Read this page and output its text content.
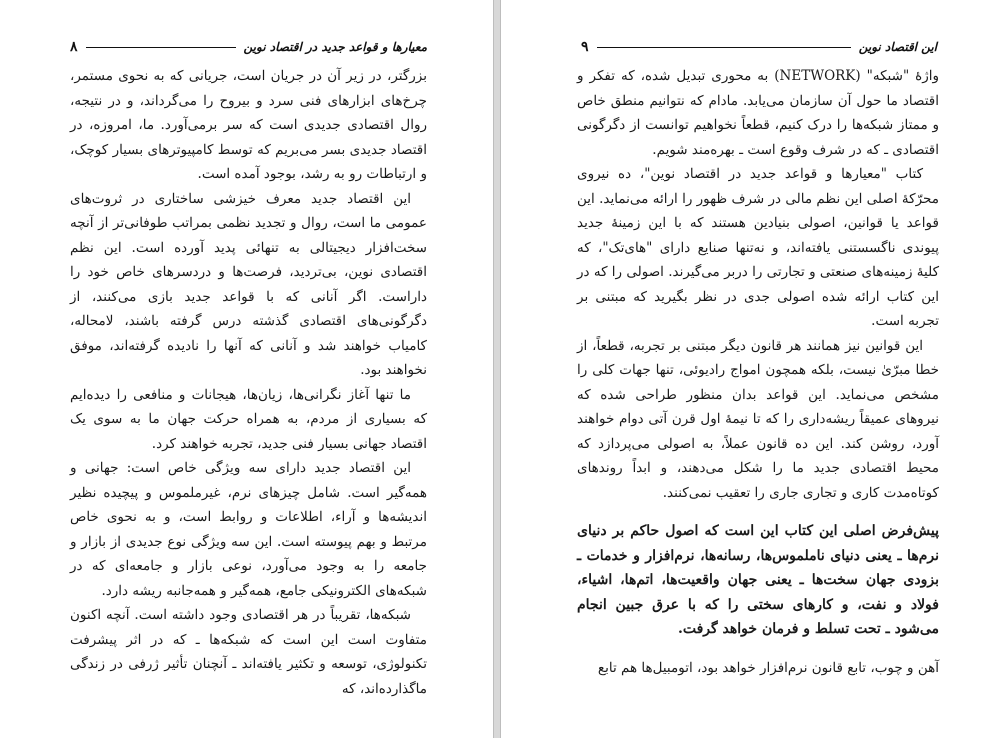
معیارها و قواعد جدید در اقتصاد نوین
۸

بزرگتر، در زیر آن در جریان است، جریانی که به نحوی مستمر، چرخ‌های ابزارهای فنی سرد و بیروح را می‌گرداند، و در نتیجه، روال اقتصادی جدیدی است که سر برمی‌آورد. ما، امروزه، در اقتصاد جدیدی بسر می‌بریم که توسط کامپیوترهای بسیار کوچک، و ارتباطات رو به رشد، بوجود آمده است.

این اقتصاد جدید معرف خیزشی ساختاری در ثروت‌های عمومی ما است، روال و تجدید نظمی بمراتب طوفانی‌تر از آنچه سخت‌افزار دیجیتالی به تنهائی پدید آورده است. این نظم اقتصادی نوین، بی‌تردید، فرصت‌ها و دردسرهای خاص خود را داراست. اگر آنانی که با قواعد جدید بازی می‌کنند، از دگرگونی‌های اقتصادی گذشته درس گرفته باشند، لامحاله، کامیاب خواهند شد و آنانی که آنها را نادیده گرفته‌اند، موفق نخواهند بود.

ما تنها آغاز نگرانی‌ها، زیان‌ها، هیجانات و منافعی را دیده‌ایم که بسیاری از مردم، به همراه حرکت جهان ما به سوی یک اقتصاد جهانی بسیار فنی جدید، تجربه خواهند کرد.

این اقتصاد جدید دارای سه ویژگی خاص است: جهانی و همه‌گیر است. شامل چیزهای نرم، غیرملموس و پیچیده نظیر اندیشه‌ها و آراء، اطلاعات و روابط است، و به نحوی خاص مرتبط و بهم پیوسته است. این سه ویژگی نوع جدیدی از بازار و جامعه را به وجود می‌آورد، نوعی بازار و جامعه‌ای که در شبکه‌های الکترونیکی جامع، همه‌گیر و همه‌جانبه ریشه دارد.

شبکه‌ها، تقریباً در هر اقتصادی وجود داشته است. آنچه اکنون متفاوت است این است که شبکه‌ها ـ که در اثر پیشرفت تکنولوژی، توسعه و تکثیر یافته‌اند ـ آنچنان تأثیر ژرفی در زندگی ماگذارده‌اند، که

این اقتصاد نوین
۹

واژهٔ "شبکه" (NETWORK) به محوری تبدیل شده، که تفکر و اقتصاد ما حول آن سازمان می‌یابد. مادام که نتوانیم منطق خاص و ممتاز شبکه‌ها را درک کنیم، قطعاً نخواهیم توانست از دگرگونی اقتصادی ـ که در شرف وقوع است ـ بهره‌مند شویم.

کتاب "معیارها و قواعد جدید در اقتصاد نوین"، ده نیروی محرّکهٔ اصلی این نظم مالی در شرف ظهور را ارائه می‌نماید. این قواعد یا قوانین، اصولی بنیادین هستند که با این زمینهٔ جدید پیوندی ناگسستنی یافته‌اند، و نه‌تنها صنایع دارای "های‌تک"، که کلیهٔ زمینه‌های صنعتی و تجارتی را دربر می‌گیرند. اصولی را که در این کتاب ارائه شده اصولی جدی در نظر بگیرید که مبتنی بر تجربه است.

این قوانین نیز همانند هر قانون دیگر مبتنی بر تجربه، قطعاً، از خطا مبرّیٰ نیست، بلکه همچون امواج رادیوئی، تنها جهات کلی را مشخص می‌نماید. این قواعد بدان منظور طراحی شده که نیروهای عمیقاً ریشه‌داری را که تا نیمهٔ اول قرن آتی دوام خواهند آورد، روشن کند. این ده قانون عملاً، به اصولی می‌پردازد که محیط اقتصادی جدید ما را شکل می‌دهند، و ابداً روندهای کوتاه‌مدت کاری و تجاری جاری را تعقیب نمی‌کنند.

پیش‌فرض اصلی این کتاب این است که اصول حاکم بر دنیای نرم‌ها ـ یعنی دنیای ناملموس‌ها، رسانه‌ها، نرم‌افزار و خدمات ـ بزودی جهان سخت‌ها ـ یعنی جهان واقعیت‌ها، اتم‌ها، اشیاء، فولاد و نفت، و کارهای سختی را که با عرق جبین انجام می‌شود ـ تحت تسلط و فرمان خواهد گرفت.

آهن و چوب، تابع قانون نرم‌افزار خواهد بود، اتومبیل‌ها هم تابع
